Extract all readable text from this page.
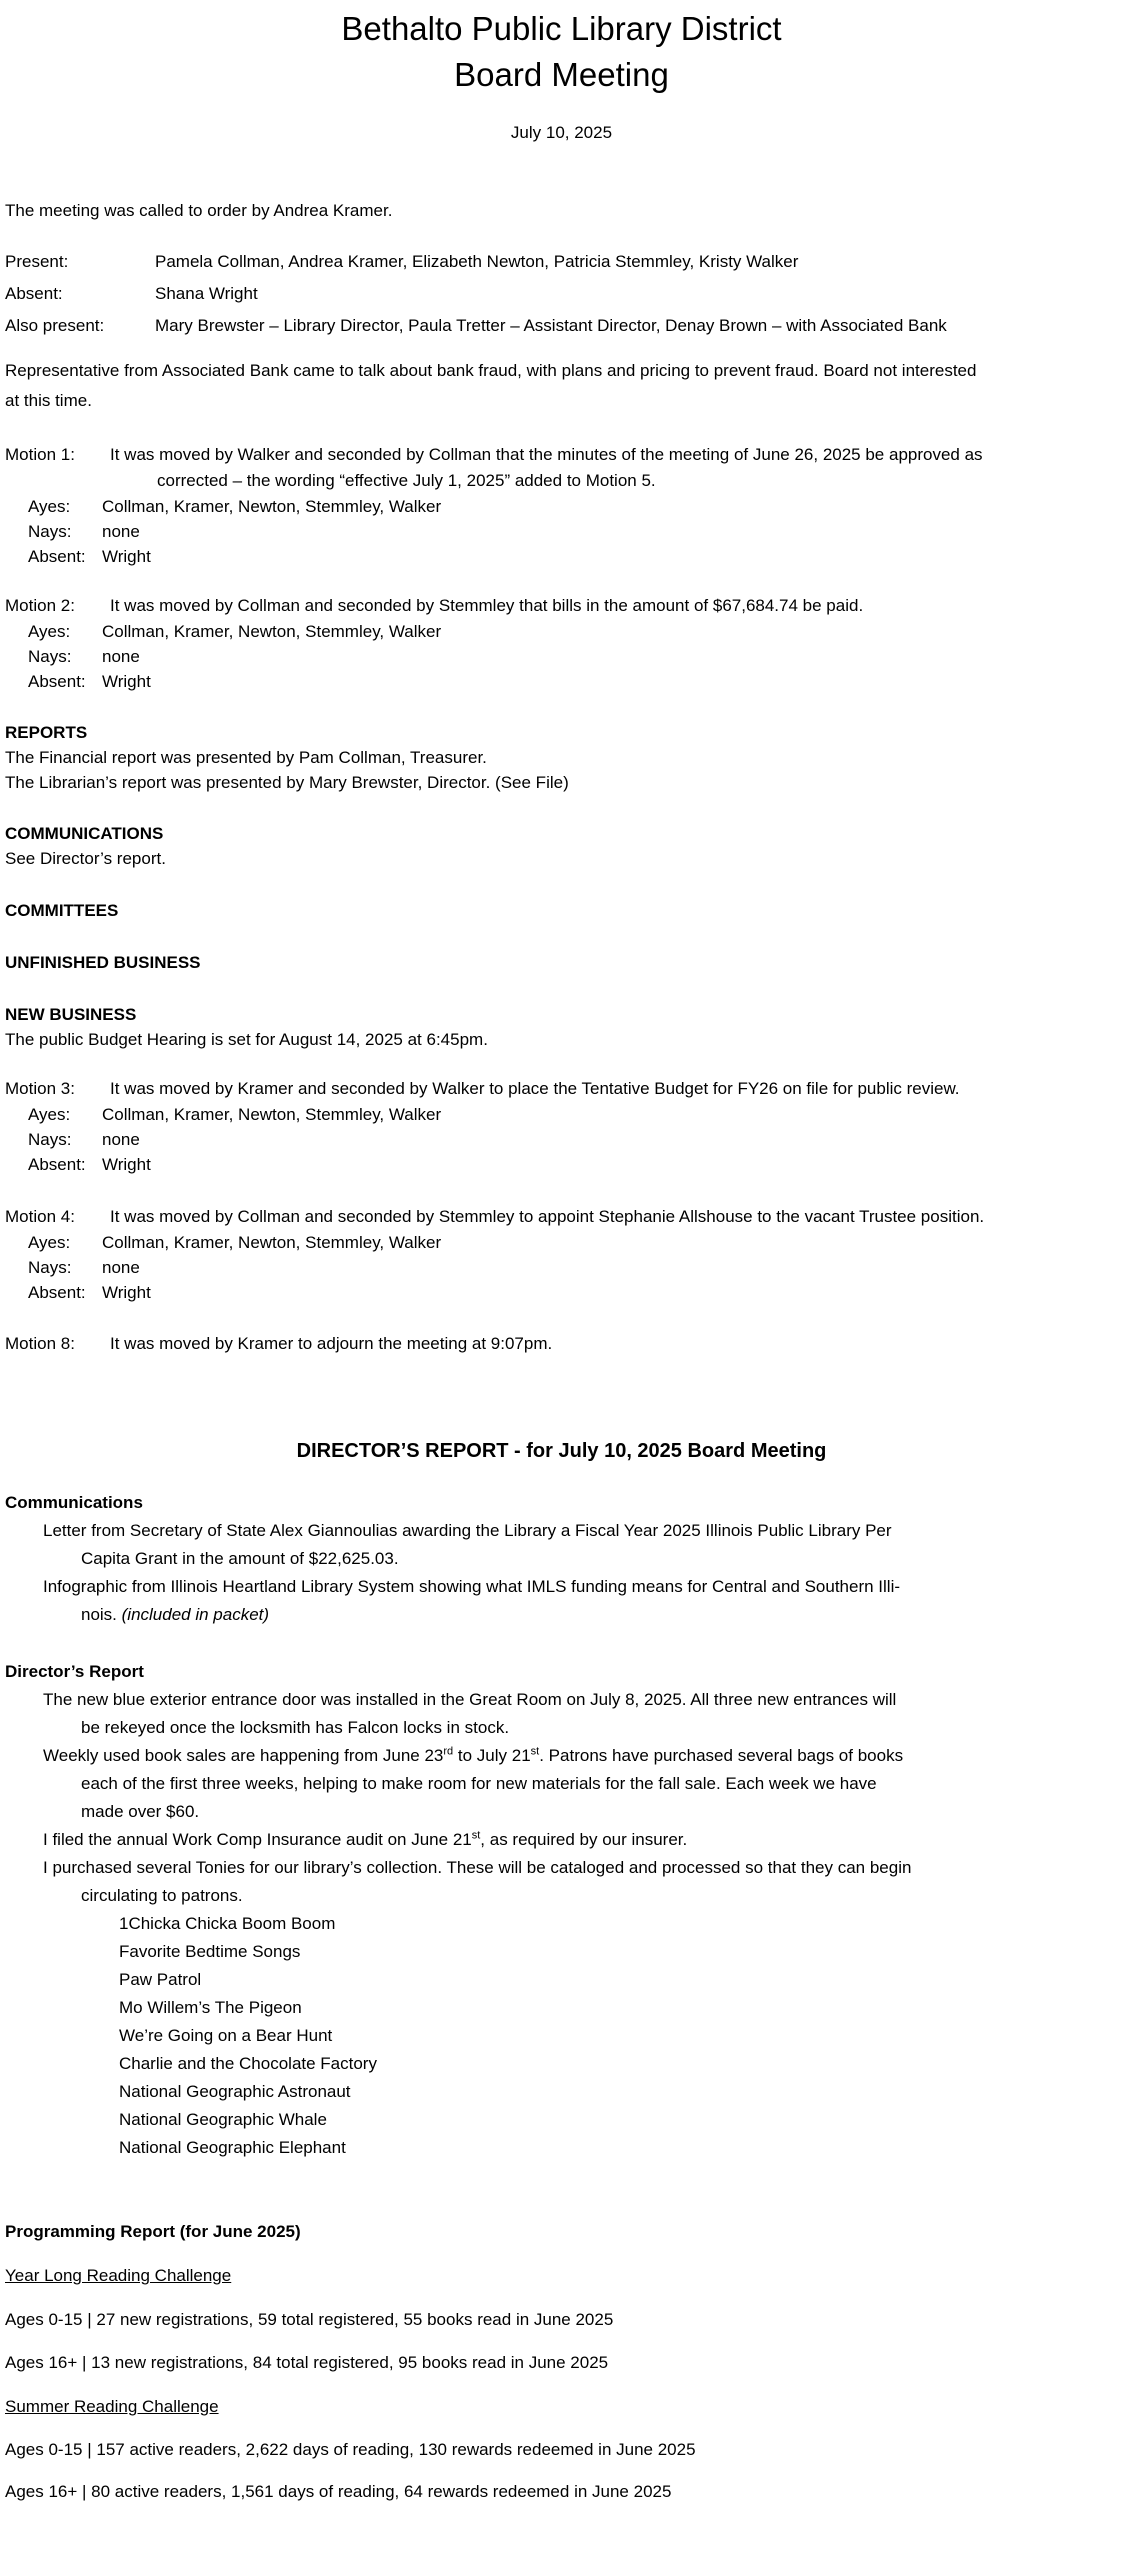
Bethalto Public Library District
Board Meeting
July 10, 2025
The meeting was called to order by Andrea Kramer.
Present:	Pamela Collman, Andrea Kramer, Elizabeth Newton, Patricia Stemmley, Kristy Walker
Absent:	Shana Wright
Also present:	Mary Brewster – Library Director, Paula Tretter – Assistant Director, Denay Brown – with Associated Bank

Representative from Associated Bank came to talk about bank fraud, with plans and pricing to prevent fraud. Board not interested

at this time.

Motion 1: It was moved by Walker and seconded by Collman that the minutes of the meeting of June 26, 2025 be approved as
corrected – the wording “effective July 1, 2025” added to Motion 5.
Ayes: Collman, Kramer, Newton, Stemmley, Walker
Nays: none
Absent: Wright
Motion 2: It was moved by Collman and seconded by Stemmley that bills in the amount of $67,684.74 be paid.
Ayes: Collman, Kramer, Newton, Stemmley, Walker
Nays: none
Absent: Wright
REPORTS
The Financial report was presented by Pam Collman, Treasurer.
The Librarian’s report was presented by Mary Brewster, Director. (See File)
COMMUNICATIONS
See Director’s report.
COMMITTEES
UNFINISHED BUSINESS
NEW BUSINESS
The public Budget Hearing is set for August 14, 2025 at 6:45pm.
Motion 3: It was moved by Kramer and seconded by Walker to place the Tentative Budget for FY26 on file for public review.
Ayes: Collman, Kramer, Newton, Stemmley, Walker
Nays: none
Absent: Wright
Motion 4: It was moved by Collman and seconded by Stemmley to appoint Stephanie Allshouse to the vacant Trustee position.
Ayes: Collman, Kramer, Newton, Stemmley, Walker
Nays: none
Absent: Wright
Motion 8: It was moved by Kramer to adjourn the meeting at 9:07pm.
DIRECTOR’S REPORT - for July 10, 2025 Board Meeting
Communications
Letter from Secretary of State Alex Giannoulias awarding the Library a Fiscal Year 2025 Illinois Public Library Per
Capita Grant in the amount of $22,625.03.
Infographic from Illinois Heartland Library System showing what IMLS funding means for Central and Southern Illi-
nois. (included in packet)
Director’s Report
The new blue exterior entrance door was installed in the Great Room on July 8, 2025. All three new entrances will
be rekeyed once the locksmith has Falcon locks in stock.
Weekly used book sales are happening from June 23rd to July 21st. Patrons have purchased several bags of books
each of the first three weeks, helping to make room for new materials for the fall sale. Each week we have
made over $60.
I filed the annual Work Comp Insurance audit on June 21st, as required by our insurer.
I purchased several Tonies for our library’s collection. These will be cataloged and processed so that they can begin
circulating to patrons.
1Chicka Chicka Boom Boom
Favorite Bedtime Songs
Paw Patrol
Mo Willem’s The Pigeon
We’re Going on a Bear Hunt
Charlie and the Chocolate Factory
National Geographic Astronaut
National Geographic Whale
National Geographic Elephant
Programming Report (for June 2025)
Year Long Reading Challenge
Ages 0-15 | 27 new registrations, 59 total registered, 55 books read in June 2025
Ages 16+ | 13 new registrations, 84 total registered, 95 books read in June 2025
Summer Reading Challenge
Ages 0-15 | 157 active readers, 2,622 days of reading, 130 rewards redeemed in June 2025
Ages 16+ | 80 active readers, 1,561 days of reading, 64 rewards redeemed in June 2025
